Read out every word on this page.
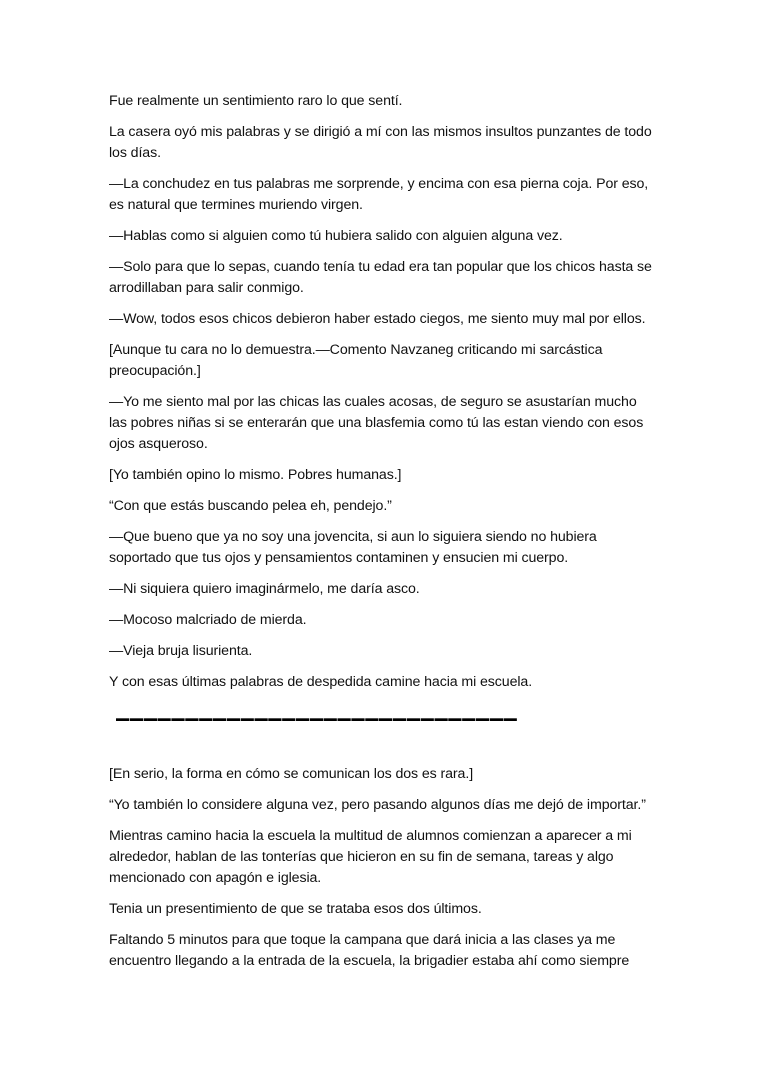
Fue realmente un sentimiento raro lo que sentí.

La casera oyó mis palabras y se dirigió a mí con las mismos insultos punzantes de todo los días.

—La conchudez en tus palabras me sorprende, y encima con esa pierna coja. Por eso, es natural que termines muriendo virgen.

—Hablas como si alguien como tú hubiera salido con alguien alguna vez.

—Solo para que lo sepas, cuando tenía tu edad era tan popular que los chicos hasta se arrodillaban para salir conmigo.

—Wow, todos esos chicos debieron haber estado ciegos, me siento muy mal por ellos.

[Aunque tu cara no lo demuestra.—Comento Navzaneg criticando mi sarcástica preocupación.]

—Yo me siento mal por las chicas las cuales acosas, de seguro se asustarían mucho las pobres niñas si se enterarán que una blasfemia como tú las estan viendo con esos ojos asqueroso.

[Yo también opino lo mismo. Pobres humanas.]

“Con que estás buscando pelea eh, pendejo.”

—Que bueno que ya no soy una jovencita, si aun lo siguiera siendo no hubiera soportado que tus ojos y pensamientos contaminen y ensucien mi cuerpo.

—Ni siquiera quiero imaginármelo, me daría asco.

—Mocoso malcriado de mierda.

—Vieja bruja lisurienta.

Y con esas últimas palabras de despedida camine hacia mi escuela.

–––––––––––––––––––––––––––––

[En serio, la forma en cómo se comunican los dos es rara.]

“Yo también lo considere alguna vez, pero pasando algunos días me dejó de importar.”

Mientras camino hacia la escuela la multitud de alumnos comienzan a aparecer a mi alrededor, hablan de las tonterías que hicieron en su fin de semana, tareas y algo mencionado con apagón e iglesia.

Tenia un presentimiento de que se trataba esos dos últimos.

Faltando 5 minutos para que toque la campana que dará inicia a las clases ya me encuentro llegando a la entrada de la escuela, la brigadier estaba ahí como siempre
